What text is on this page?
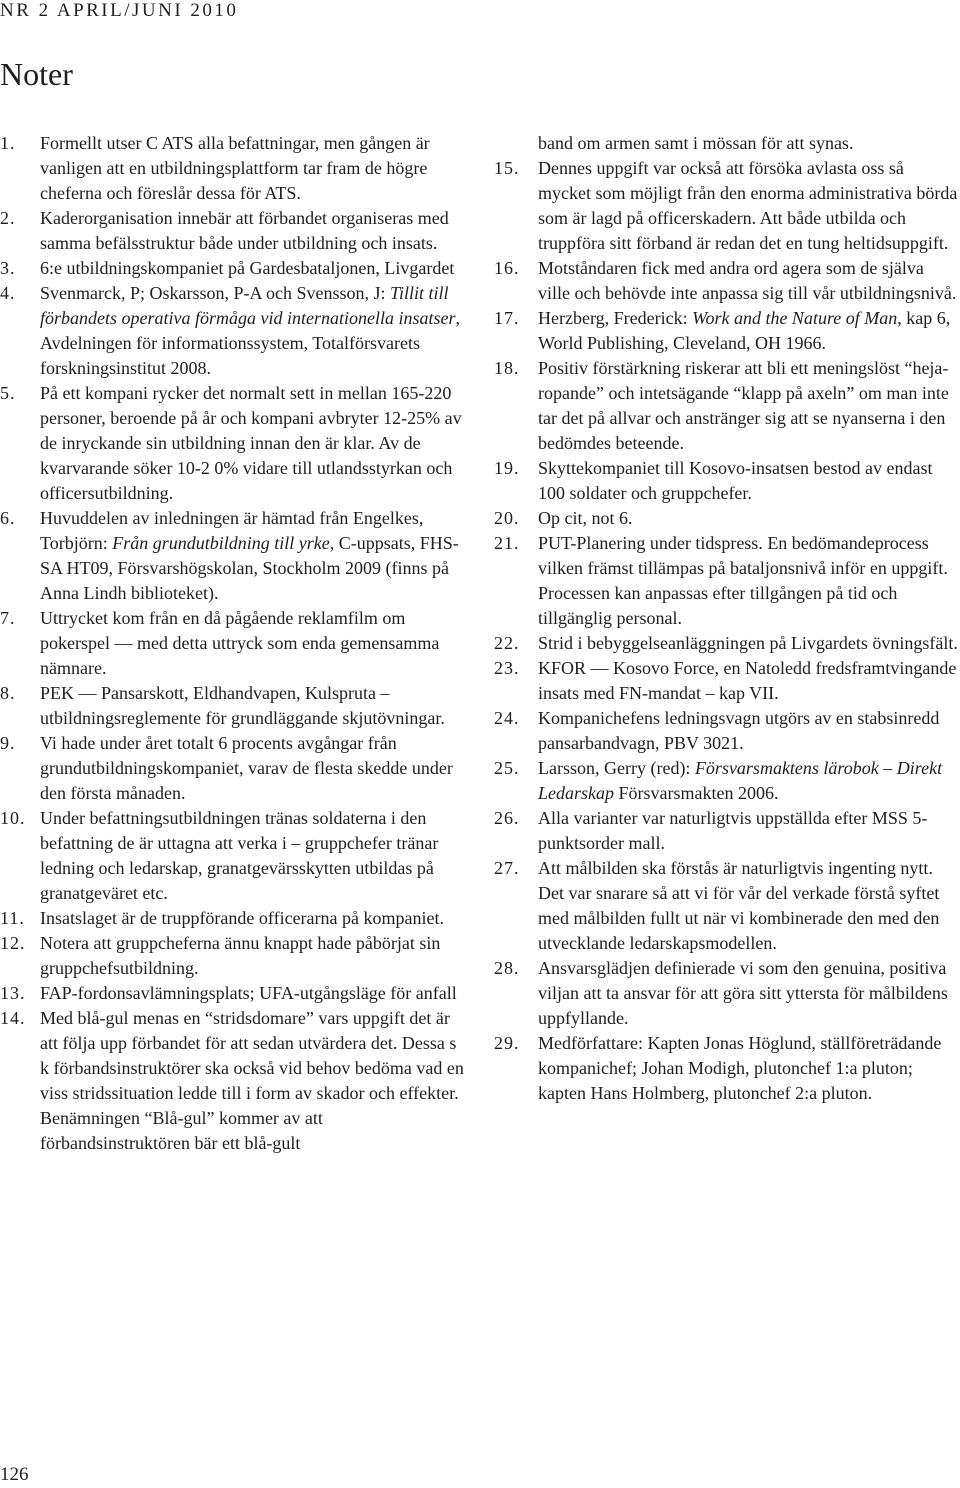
NR 2 APRIL/JUNI 2010
Noter
1.	Formellt utser C ATS alla befattningar, men gången är vanligen att en utbildningsplattform tar fram de högre cheferna och föreslår dessa för ATS.
2.	Kaderorganisation innebär att förbandet organiseras med samma befälsstruktur både under utbildning och insats.
3.	6:e utbildningskompaniet på Gardesbataljonen, Livgardet
4.	Svenmarck, P; Oskarsson, P-A och Svensson, J: Tillit till förbandets operativa förmåga vid internationella insatser, Avdelningen för informationssystem, Totalförsvarets forskningsinstitut 2008.
5.	På ett kompani rycker det normalt sett in mellan 165-220 personer, beroende på år och kompani avbryter 12-25% av de inryckande sin utbildning innan den är klar. Av de kvarvarande söker 10-2 0% vidare till utlandsstyrkan och officersutbildning.
6.	Huvuddelen av inledningen är hämtad från Engelkes, Torbjörn: Från grundutbildning till yrke, C-uppsats, FHS-SA HT09, Försvarshögskolan, Stockholm 2009 (finns på Anna Lindh biblioteket).
7.	Uttrycket kom från en då pågående reklamfilm om pokerspel — med detta uttryck som enda gemensamma nämnare.
8.	PEK — Pansarskott, Eldhandvapen, Kulspruta – utbildningsreglemente för grundläggande skjutövningar.
9.	Vi hade under året totalt 6 procents avgångar från grundutbildningskompaniet, varav de flesta skedde under den första månaden.
10. Under befattningsutbildningen tränas soldaterna i den befattning de är uttagna att verka i – gruppchefer tränar ledning och ledarskap, granatgevärsskytten utbildas på granatgeväret etc.
11. Insatslaget är de truppförande officerarna på kompaniet.
12. Notera att gruppcheferna ännu knappt hade påbörjat sin gruppchefsutbildning.
13. FAP-fordonsavlämningsplats; UFA-utgångsläge för anfall
14. Med blå-gul menas en “stridsdomare” vars uppgift det är att följa upp förbandet för att sedan utvärdera det. Dessa s k förbandsinstruktörer ska också vid behov bedöma vad en viss stridssituation ledde till i form av skador och effekter. Benämningen “Blå-gul” kommer av att förbandsinstruktören bär ett blå-gult
band om armen samt i mössan för att synas.
15.	Dennes uppgift var också att försöka avlasta oss så mycket som möjligt från den enorma administrativa börda som är lagd på officerskadern. Att både utbilda och truppföra sitt förband är redan det en tung heltidsuppgift.
16.	Motståndaren fick med andra ord agera som de själva ville och behövde inte anpassa sig till vår utbildningsnivå.
17.	Herzberg, Frederick: Work and the Nature of Man, kap 6, World Publishing, Cleveland, OH 1966.
18.	Positiv förstärkning riskerar att bli ett meningslöst “heja-ropande” och intetsägande “klapp på axeln” om man inte tar det på allvar och anstränger sig att se nyanserna i den bedömdes beteende.
19.	Skyttekompaniet till Kosovo-insatsen bestod av endast 100 soldater och gruppchefer.
20.	Op cit, not 6.
21.	PUT-Planering under tidspress. En bedömandeprocess vilken främst tillämpas på bataljonsnivå inför en uppgift. Processen kan anpassas efter tillgången på tid och tillgänglig personal.
22.	Strid i bebyggelseanläggningen på Livgardets övningsfält.
23.	KFOR — Kosovo Force, en Natoledd fredsframtvingande insats med FN-mandat – kap VII.
24.	Kompanichefens ledningsvagn utgörs av en stabsinredd pansarbandvagn, PBV 3021.
25.	Larsson, Gerry (red): Försvarsmaktens lärobok – Direkt Ledarskap Försvarsmakten 2006.
26.	Alla varianter var naturligtvis uppställda efter MSS 5-punktsorder mall.
27.	Att målbilden ska förstås är naturligtvis ingenting nytt. Det var snarare så att vi för vår del verkade förstå syftet med målbilden fullt ut när vi kombinerade den med den utvecklande ledarskapsmodellen.
28.	Ansvarsglädjen definierade vi som den genuina, positiva viljan att ta ansvar för att göra sitt yttersta för målbildens uppfyllande.
29.	Medförfattare: Kapten Jonas Höglund, ställföreträdande kompanichef; Johan Modigh, plutonchef 1:a pluton; kapten Hans Holmberg, plutonchef 2:a pluton.
126
